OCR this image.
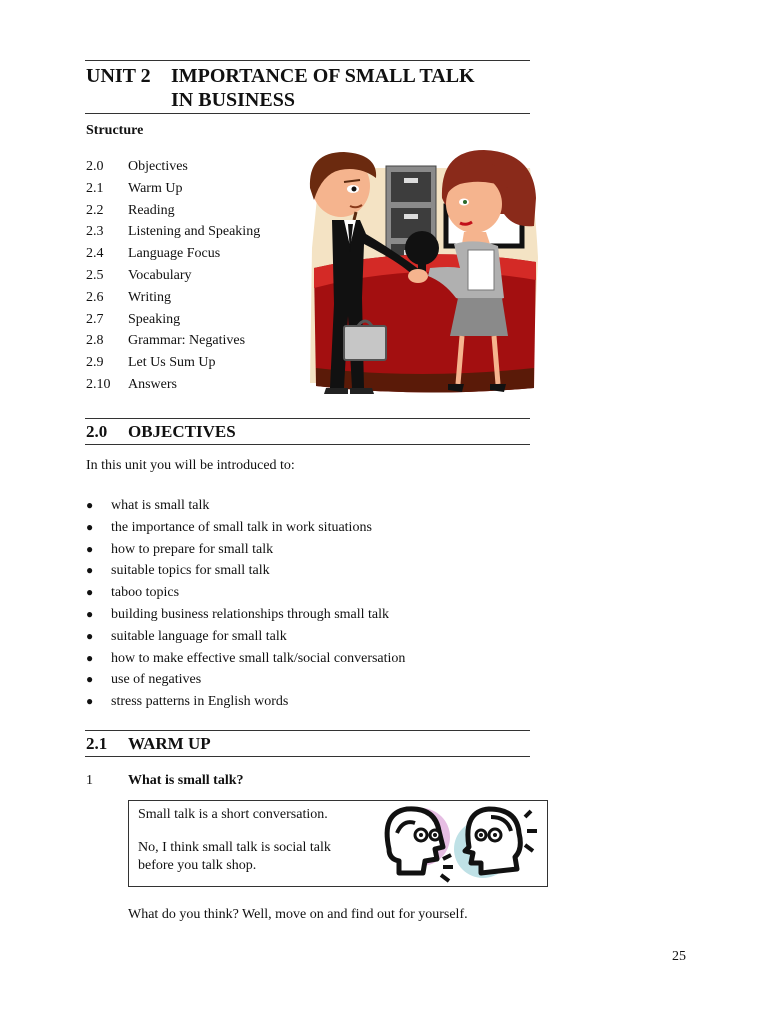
UNIT 2 IMPORTANCE OF SMALL TALK
IN BUSINESS
Structure
2.0 Objectives
2.1 Warm Up
2.2 Reading
2.3 Listening and Speaking
2.4 Language Focus
2.5 Vocabulary
2.6 Writing
2.7 Speaking
2.8 Grammar: Negatives
2.9 Let Us Sum Up
2.10 Answers
2.0 OBJECTIVES
In this unit you will be introduced to:
● what is small talk
● the importance of small talk in work situations
● how to prepare for small talk
● suitable topics for small talk
● taboo topics
● building business relationships through small talk
● suitable language for small talk
● how to make effective small talk/social conversation
● use of negatives
● stress patterns in English words
2.1 WARM UP
1	What is small talk?
Small talk is a short conversation.
No, I think small talk is social talk
before you talk shop.
What do you think? Well, move on and find out for yourself.
25
